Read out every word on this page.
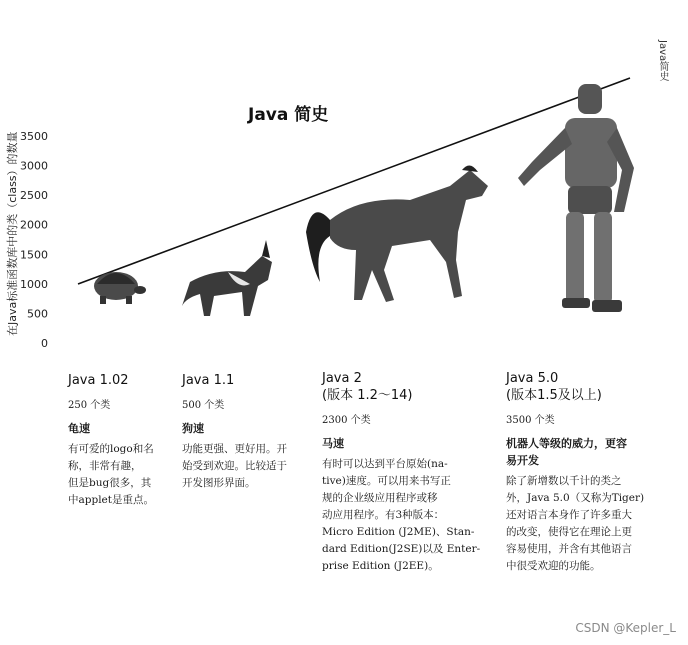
Java简史
Java 简史
在Java标准函数库中的类（class）的数量
0
500
1000
1500
2000
2500
3000
3500
Java 1.02
250 个类
龟速
有可爱的logo和名
称，非常有趣，
但是bug很多，其
中applet是重点。
Java 1.1
500 个类
狗速
功能更强、更好用。开
始受到欢迎。比较适于
开发图形界面。
Java 2
(版本 1.2～14)
2300 个类
马速
有时可以达到平台原始(na-
tive)速度。可以用来书写正
规的企业级应用程序或移
动应用程序。有3种版本：
Micro Edition (J2ME)、Stan-
dard Edition(J2SE)以及 Enter-
prise Edition (J2EE)。
Java 5.0
(版本1.5及以上)
3500 个类
机器人等级的威力，更容
易开发
除了新增数以千计的类之
外，Java 5.0（又称为Tiger)
还对语言本身作了许多重大
的改变，使得它在理论上更
容易使用，并含有其他语言
中很受欢迎的功能。
CSDN @Kepler_L
